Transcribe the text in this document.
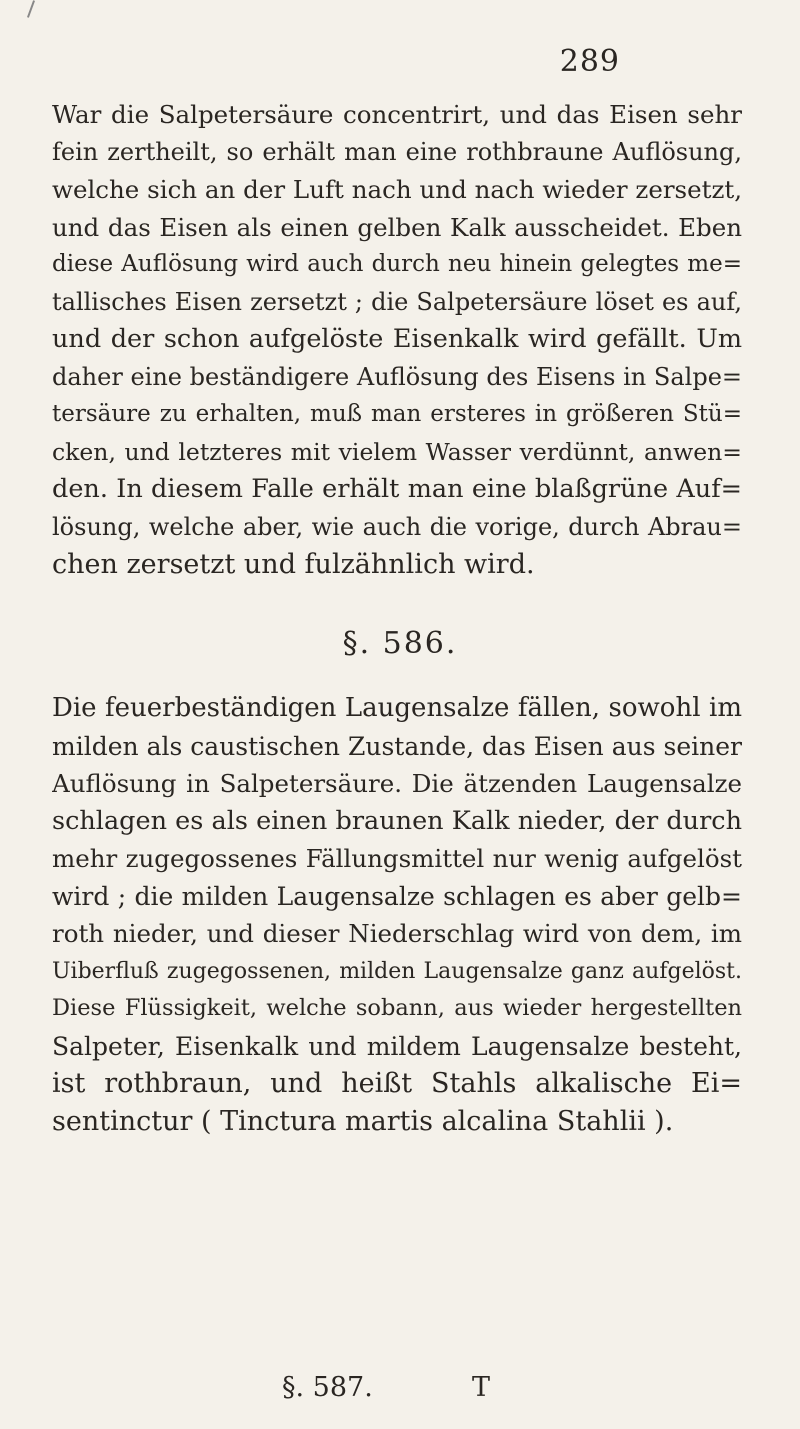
289
War die Salpetersäure concentrirt, und das Eisen sehr
fein zertheilt, so erhält man eine rothbraune Auflösung,
welche sich an der Luft nach und nach wieder zersetzt,
und das Eisen als einen gelben Kalk ausscheidet. Eben
diese Auflösung wird auch durch neu hinein gelegtes me=
tallisches Eisen zersetzt ; die Salpetersäure löset es auf,
und der schon aufgelöste Eisenkalk wird gefällt. Um
daher eine beständigere Auflösung des Eisens in Salpe=
tersäure zu erhalten, muß man ersteres in größeren Stü=
cken, und letzteres mit vielem Wasser verdünnt, anwen=
den. In diesem Falle erhält man eine blaßgrüne Auf=
lösung, welche aber, wie auch die vorige, durch Abrau=
chen zersetzt und fulzähnlich wird.
§. 586.
Die feuerbeständigen Laugensalze fällen, sowohl im
milden als caustischen Zustande, das Eisen aus seiner
Auflösung in Salpetersäure. Die ätzenden Laugensalze
schlagen es als einen braunen Kalk nieder, der durch
mehr zugegossenes Fällungsmittel nur wenig aufgelöst
wird ; die milden Laugensalze schlagen es aber gelb=
roth nieder, und dieser Niederschlag wird von dem, im
Uiberfluß zugegossenen, milden Laugensalze ganz aufgelöst.
Diese Flüssigkeit, welche sobann, aus wieder hergestellten
Salpeter, Eisenkalk und mildem Laugensalze besteht,
ist rothbraun, und heißt Stahls alkalische Ei=
sentinctur ( Tinctura martis alcalina Stahlii ).
T
§. 587.
